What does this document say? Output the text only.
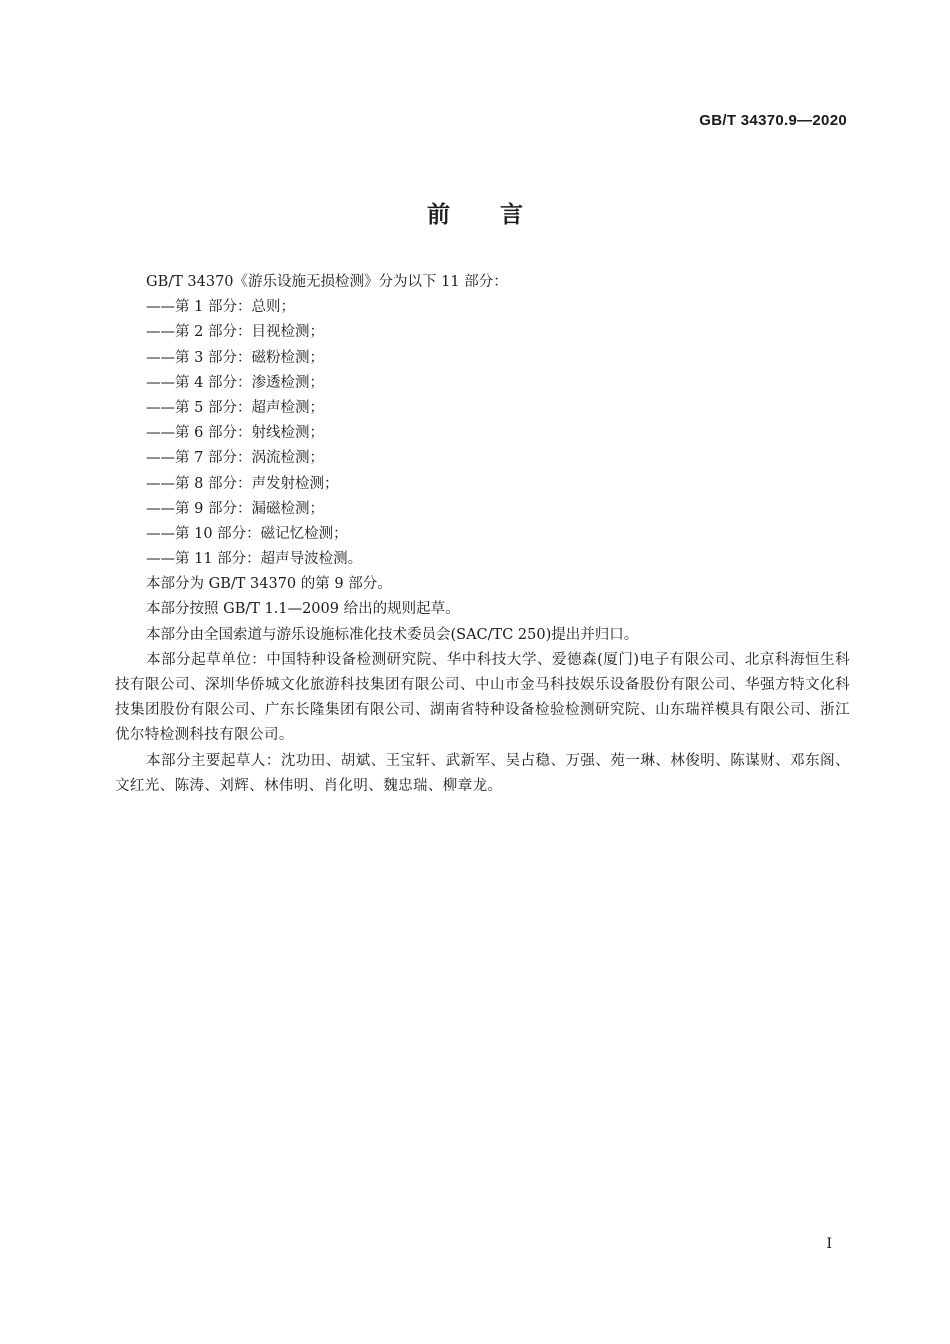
GB/T 34370.9—2020
前言
GB/T 34370《游乐设施无损检测》分为以下 11 部分：
——第 1 部分：总则；
——第 2 部分：目视检测；
——第 3 部分：磁粉检测；
——第 4 部分：渗透检测；
——第 5 部分：超声检测；
——第 6 部分：射线检测；
——第 7 部分：涡流检测；
——第 8 部分：声发射检测；
——第 9 部分：漏磁检测；
——第 10 部分：磁记忆检测；
——第 11 部分：超声导波检测。
本部分为 GB/T 34370 的第 9 部分。
本部分按照 GB/T 1.1—2009 给出的规则起草。
本部分由全国索道与游乐设施标准化技术委员会(SAC/TC 250)提出并归口。
本部分起草单位：中国特种设备检测研究院、华中科技大学、爱德森(厦门)电子有限公司、北京科海恒生科技有限公司、深圳华侨城文化旅游科技集团有限公司、中山市金马科技娱乐设备股份有限公司、华强方特文化科技集团股份有限公司、广东长隆集团有限公司、湖南省特种设备检验检测研究院、山东瑞祥模具有限公司、浙江优尔特检测科技有限公司。
本部分主要起草人：沈功田、胡斌、王宝轩、武新军、吴占稳、万强、苑一琳、林俊明、陈谋财、邓东阁、文红光、陈涛、刘辉、林伟明、肖化明、魏忠瑞、柳章龙。
I
